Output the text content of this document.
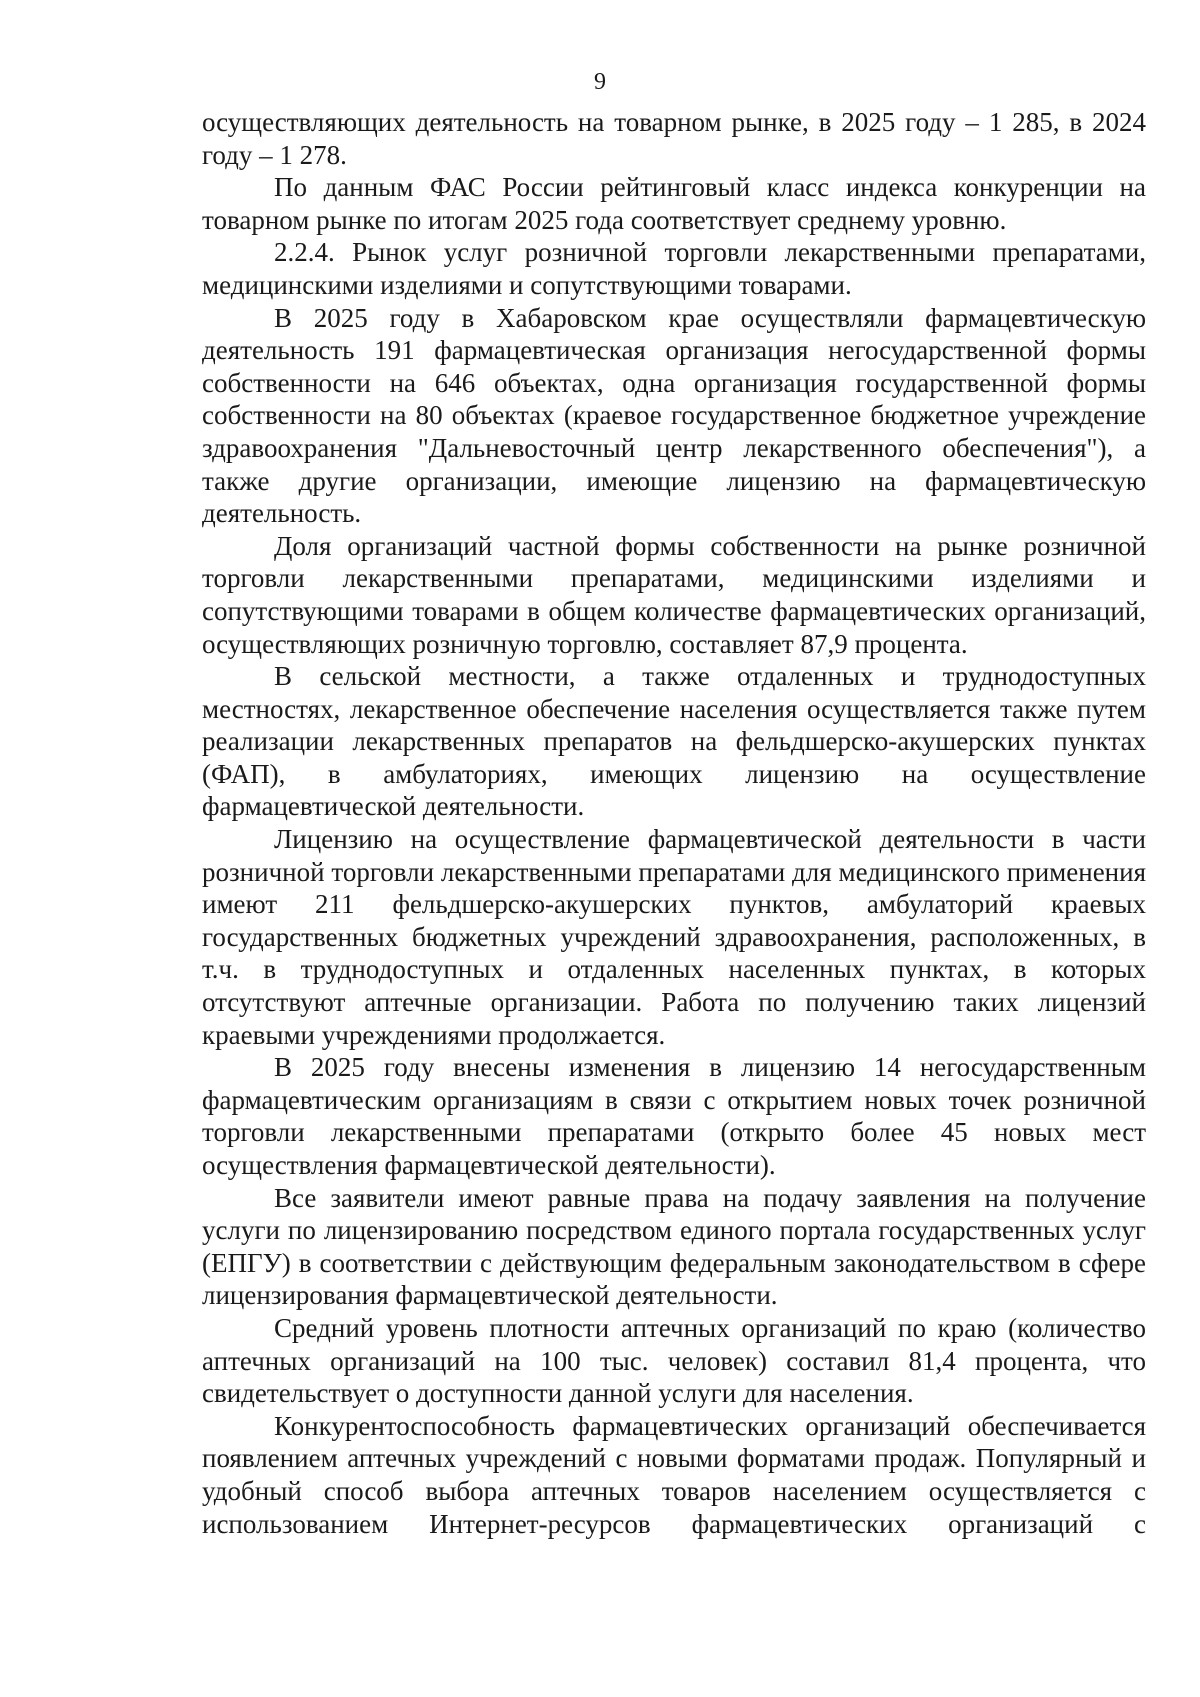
9

осуществляющих деятельность на товарном рынке, в 2025 году – 1 285, в 2024 году – 1 278.

По данным ФАС России рейтинговый класс индекса конкуренции на товарном рынке по итогам 2025 года соответствует среднему уровню.

2.2.4. Рынок услуг розничной торговли лекарственными препаратами, медицинскими изделиями и сопутствующими товарами.

В 2025 году в Хабаровском крае осуществляли фармацевтическую деятельность 191 фармацевтическая организация негосударственной формы собственности на 646 объектах, одна организация государственной формы собственности на 80 объектах (краевое государственное бюджетное учреждение здравоохранения "Дальневосточный центр лекарственного обеспечения"), а также другие организации, имеющие лицензию на фармацевтическую деятельность.

Доля организаций частной формы собственности на рынке розничной торговли лекарственными препаратами, медицинскими изделиями и сопутствующими товарами в общем количестве фармацевтических организаций, осуществляющих розничную торговлю, составляет 87,9 процента.

В сельской местности, а также отдаленных и труднодоступных местностях, лекарственное обеспечение населения осуществляется также путем реализации лекарственных препаратов на фельдшерско-акушерских пунктах (ФАП), в амбулаториях, имеющих лицензию на осуществление фармацевтической деятельности.

Лицензию на осуществление фармацевтической деятельности в части розничной торговли лекарственными препаратами для медицинского применения имеют 211 фельдшерско-акушерских пунктов, амбулаторий краевых государственных бюджетных учреждений здравоохранения, расположенных, в т.ч. в труднодоступных и отдаленных населенных пунктах, в которых отсутствуют аптечные организации. Работа по получению таких лицензий краевыми учреждениями продолжается.

В 2025 году внесены изменения в лицензию 14 негосударственным фармацевтическим организациям в связи с открытием новых точек розничной торговли лекарственными препаратами (открыто более 45 новых мест осуществления фармацевтической деятельности).

Все заявители имеют равные права на подачу заявления на получение услуги по лицензированию посредством единого портала государственных услуг (ЕПГУ) в соответствии с действующим федеральным законодательством в сфере лицензирования фармацевтической деятельности.

Средний уровень плотности аптечных организаций по краю (количество аптечных организаций на 100 тыс. человек) составил 81,4 процента, что свидетельствует о доступности данной услуги для населения.

Конкурентоспособность фармацевтических организаций обеспечивается появлением аптечных учреждений с новыми форматами продаж. Популярный и удобный способ выбора аптечных товаров населением осуществляется с использованием Интернет-ресурсов фармацевтических организаций с
